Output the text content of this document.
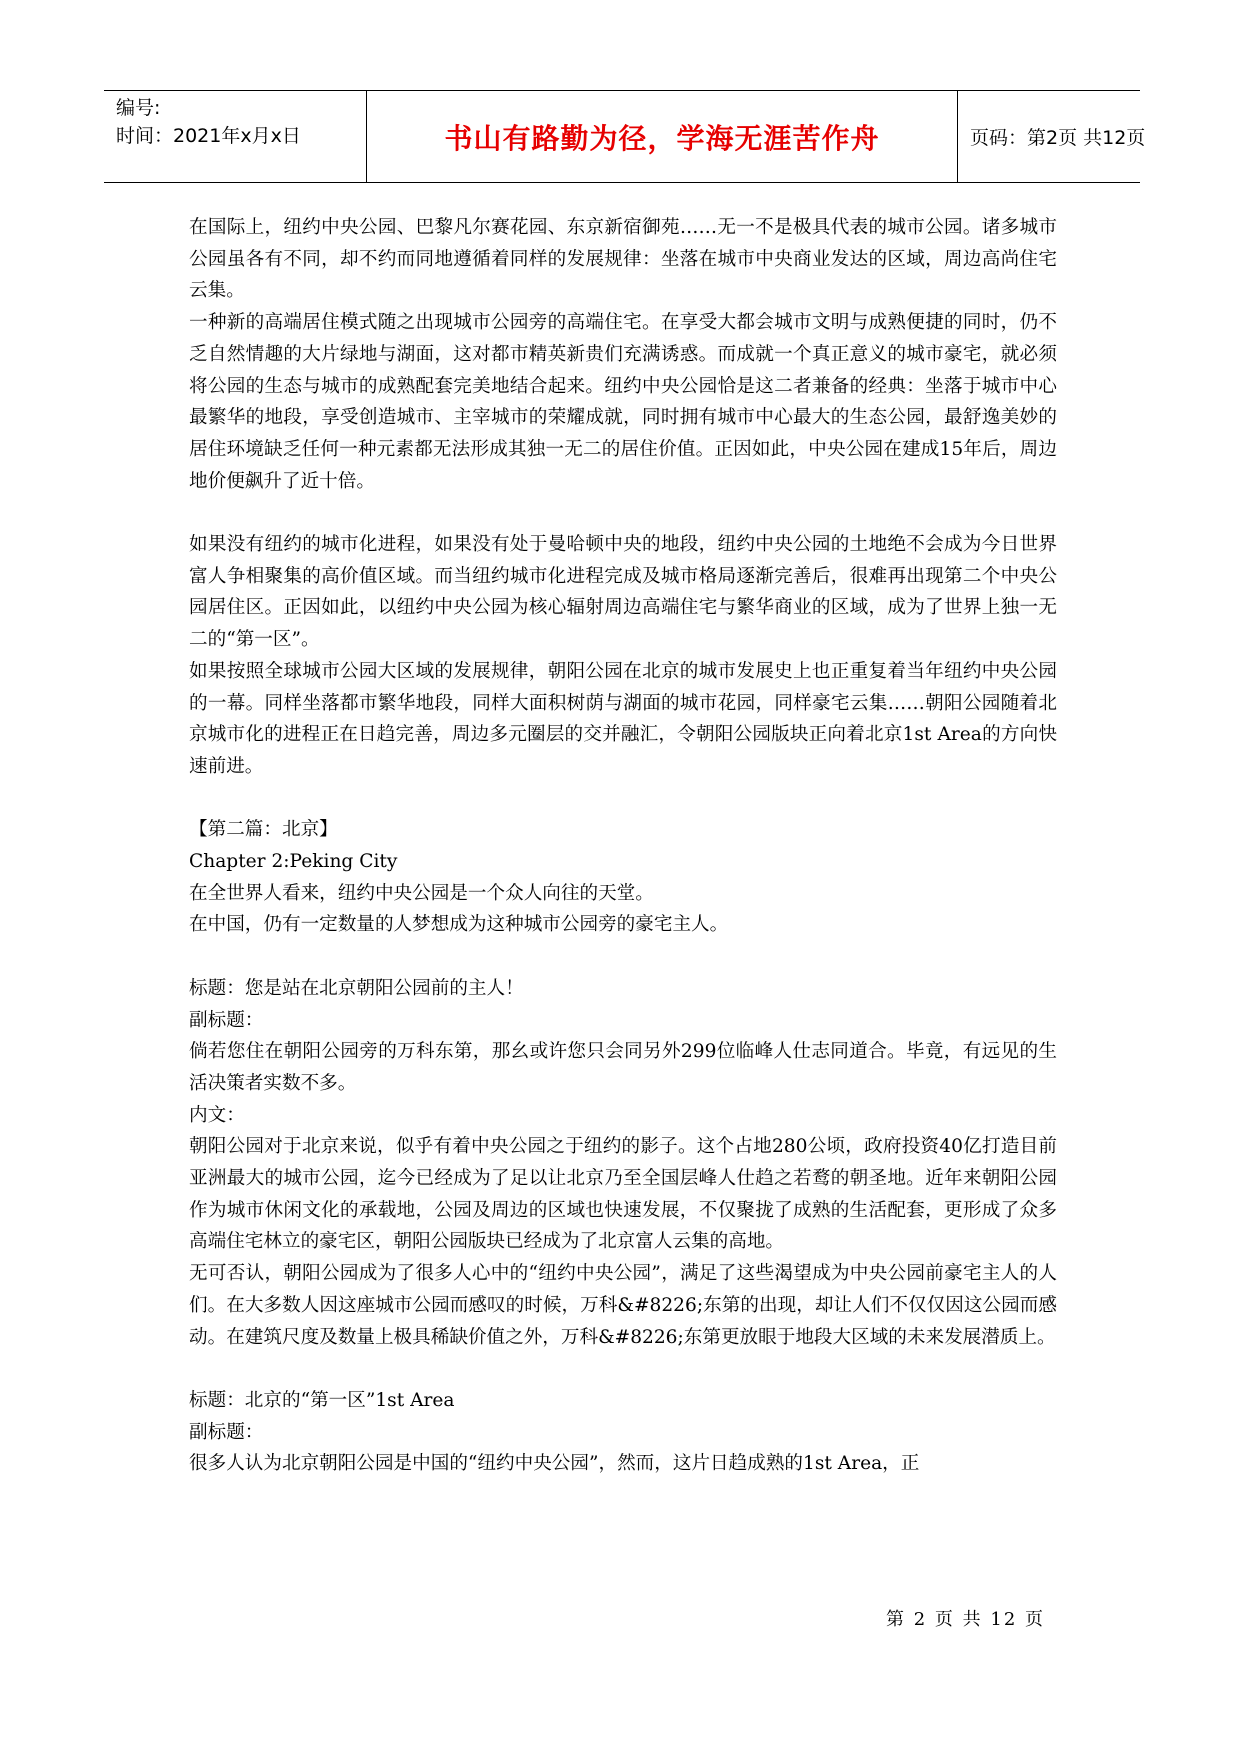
编号:
时间：2021年x月x日	书山有路勤为径，学海无涯苦作舟	页码：第2页 共12页

在国际上，纽约中央公园、巴黎凡尔赛花园、东京新宿御苑……无一不是极具代表的城市公园。诸多城市公园虽各有不同，却不约而同地遵循着同样的发展规律：坐落在城市中央商业发达的区域，周边高尚住宅云集。

一种新的高端居住模式随之出现城市公园旁的高端住宅。在享受大都会城市文明与成熟便捷的同时，仍不乏自然情趣的大片绿地与湖面，这对都市精英新贵们充满诱惑。而成就一个真正意义的城市豪宅，就必须将公园的生态与城市的成熟配套完美地结合起来。纽约中央公园恰是这二者兼备的经典：坐落于城市中心最繁华的地段，享受创造城市、主宰城市的荣耀成就，同时拥有城市中心最大的生态公园，最舒逸美妙的居住环境缺乏任何一种元素都无法形成其独一无二的居住价值。正因如此，中央公园在建成15年后，周边地价便飙升了近十倍。

如果没有纽约的城市化进程，如果没有处于曼哈顿中央的地段，纽约中央公园的土地绝不会成为今日世界富人争相聚集的高价值区域。而当纽约城市化进程完成及城市格局逐渐完善后，很难再出现第二个中央公园居住区。正因如此，以纽约中央公园为核心辐射周边高端住宅与繁华商业的区域，成为了世界上独一无二的“第一区”。

如果按照全球城市公园大区域的发展规律，朝阳公园在北京的城市发展史上也正重复着当年纽约中央公园的一幕。同样坐落都市繁华地段，同样大面积树荫与湖面的城市花园，同样豪宅云集……朝阳公园随着北京城市化的进程正在日趋完善，周边多元圈层的交并融汇，令朝阳公园版块正向着北京1st Area的方向快速前进。

【第二篇：北京】

Chapter 2:Peking City

在全世界人看来，纽约中央公园是一个众人向往的天堂。

在中国，仍有一定数量的人梦想成为这种城市公园旁的豪宅主人。

标题：您是站在北京朝阳公园前的主人！

副标题：

倘若您住在朝阳公园旁的万科东第，那幺或许您只会同另外299位临峰人仕志同道合。毕竟，有远见的生活决策者实数不多。

内文：

朝阳公园对于北京来说，似乎有着中央公园之于纽约的影子。这个占地280公顷，政府投资40亿打造目前亚洲最大的城市公园，迄今已经成为了足以让北京乃至全国层峰人仕趋之若鹜的朝圣地。近年来朝阳公园作为城市休闲文化的承载地，公园及周边的区域也快速发展，不仅聚拢了成熟的生活配套，更形成了众多高端住宅林立的豪宅区，朝阳公园版块已经成为了北京富人云集的高地。

无可否认，朝阳公园成为了很多人心中的“纽约中央公园”，满足了这些渴望成为中央公园前豪宅主人的人们。在大多数人因这座城市公园而感叹的时候，万科&#8226;东第的出现，却让人们不仅仅因这公园而感动。在建筑尺度及数量上极具稀缺价值之外，万科&#8226;东第更放眼于地段大区域的未来发展潜质上。

标题：北京的“第一区”1st Area

副标题：

很多人认为北京朝阳公园是中国的“纽约中央公园”，然而，这片日趋成熟的1st Area，正

第 2 页 共 12 页
